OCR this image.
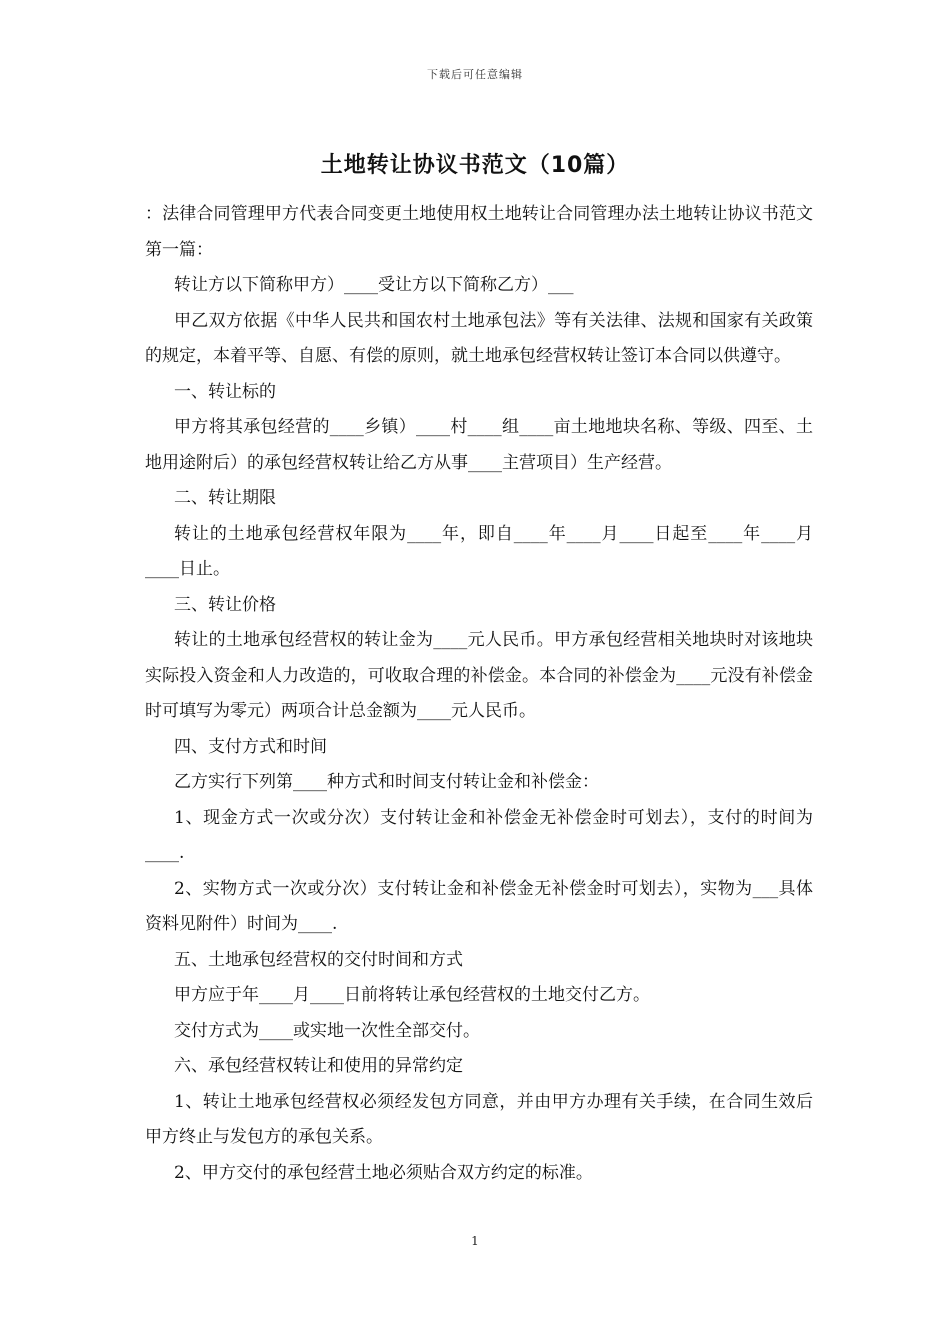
下载后可任意编辑
土地转让协议书范文（10篇）

：法律合同管理甲方代表合同变更土地使用权土地转让合同管理办法土地转让协议书范文第一篇：

转让方以下简称甲方）____受让方以下简称乙方）___

甲乙双方依据《中华人民共和国农村土地承包法》等有关法律、法规和国家有关政策的规定，本着平等、自愿、有偿的原则，就土地承包经营权转让签订本合同以供遵守。

一、转让标的

甲方将其承包经营的____乡镇）____村____组____亩土地地块名称、等级、四至、土地用途附后）的承包经营权转让给乙方从事____主营项目）生产经营。

二、转让期限

转让的土地承包经营权年限为____年，即自____年____月____日起至____年____月____日止。

三、转让价格

转让的土地承包经营权的转让金为____元人民币。甲方承包经营相关地块时对该地块实际投入资金和人力改造的，可收取合理的补偿金。本合同的补偿金为____元没有补偿金时可填写为零元）两项合计总金额为____元人民币。

四、支付方式和时间

乙方实行下列第____种方式和时间支付转让金和补偿金：

1、现金方式一次或分次）支付转让金和补偿金无补偿金时可划去），支付的时间为____.

2、实物方式一次或分次）支付转让金和补偿金无补偿金时可划去），实物为___具体资料见附件）时间为____.

五、土地承包经营权的交付时间和方式

甲方应于年____月____日前将转让承包经营权的土地交付乙方。

交付方式为____或实地一次性全部交付。

六、承包经营权转让和使用的异常约定

1、转让土地承包经营权必须经发包方同意，并由甲方办理有关手续，在合同生效后甲方终止与发包方的承包关系。

2、甲方交付的承包经营土地必须贴合双方约定的标准。

1
